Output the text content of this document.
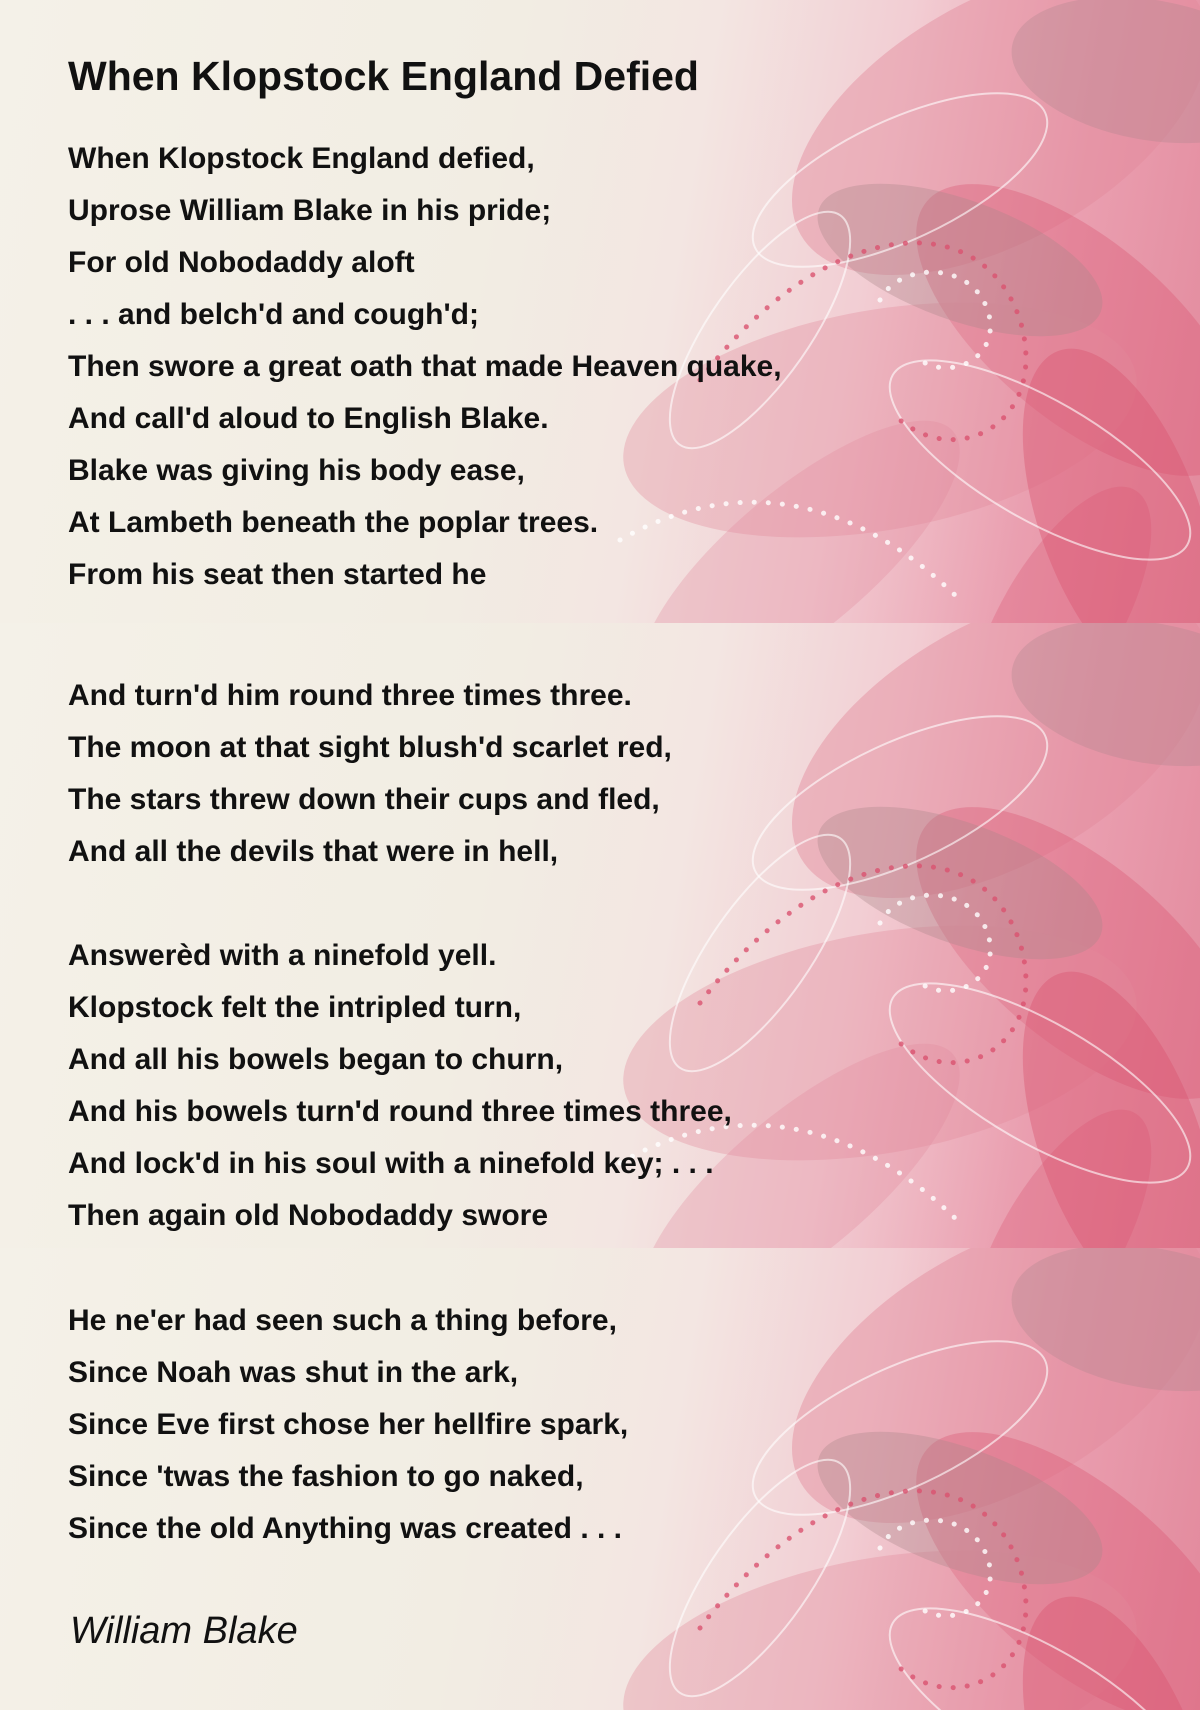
When Klopstock England Defied
When Klopstock England defied,
Uprose William Blake in his pride;
For old Nobodaddy aloft
. . . and belch'd and cough'd;
Then swore a great oath that made Heaven quake,
And call'd aloud to English Blake.
Blake was giving his body ease,
At Lambeth beneath the poplar trees.
From his seat then started he
And turn'd him round three times three.
The moon at that sight blush'd scarlet red,
The stars threw down their cups and fled,
And all the devils that were in hell,
Answerèd with a ninefold yell.
Klopstock felt the intripled turn,
And all his bowels began to churn,
And his bowels turn'd round three times three,
And lock'd in his soul with a ninefold key; . . .
Then again old Nobodaddy swore
He ne'er had seen such a thing before,
Since Noah was shut in the ark,
Since Eve first chose her hellfire spark,
Since 'twas the fashion to go naked,
Since the old Anything was created . . .
William Blake
